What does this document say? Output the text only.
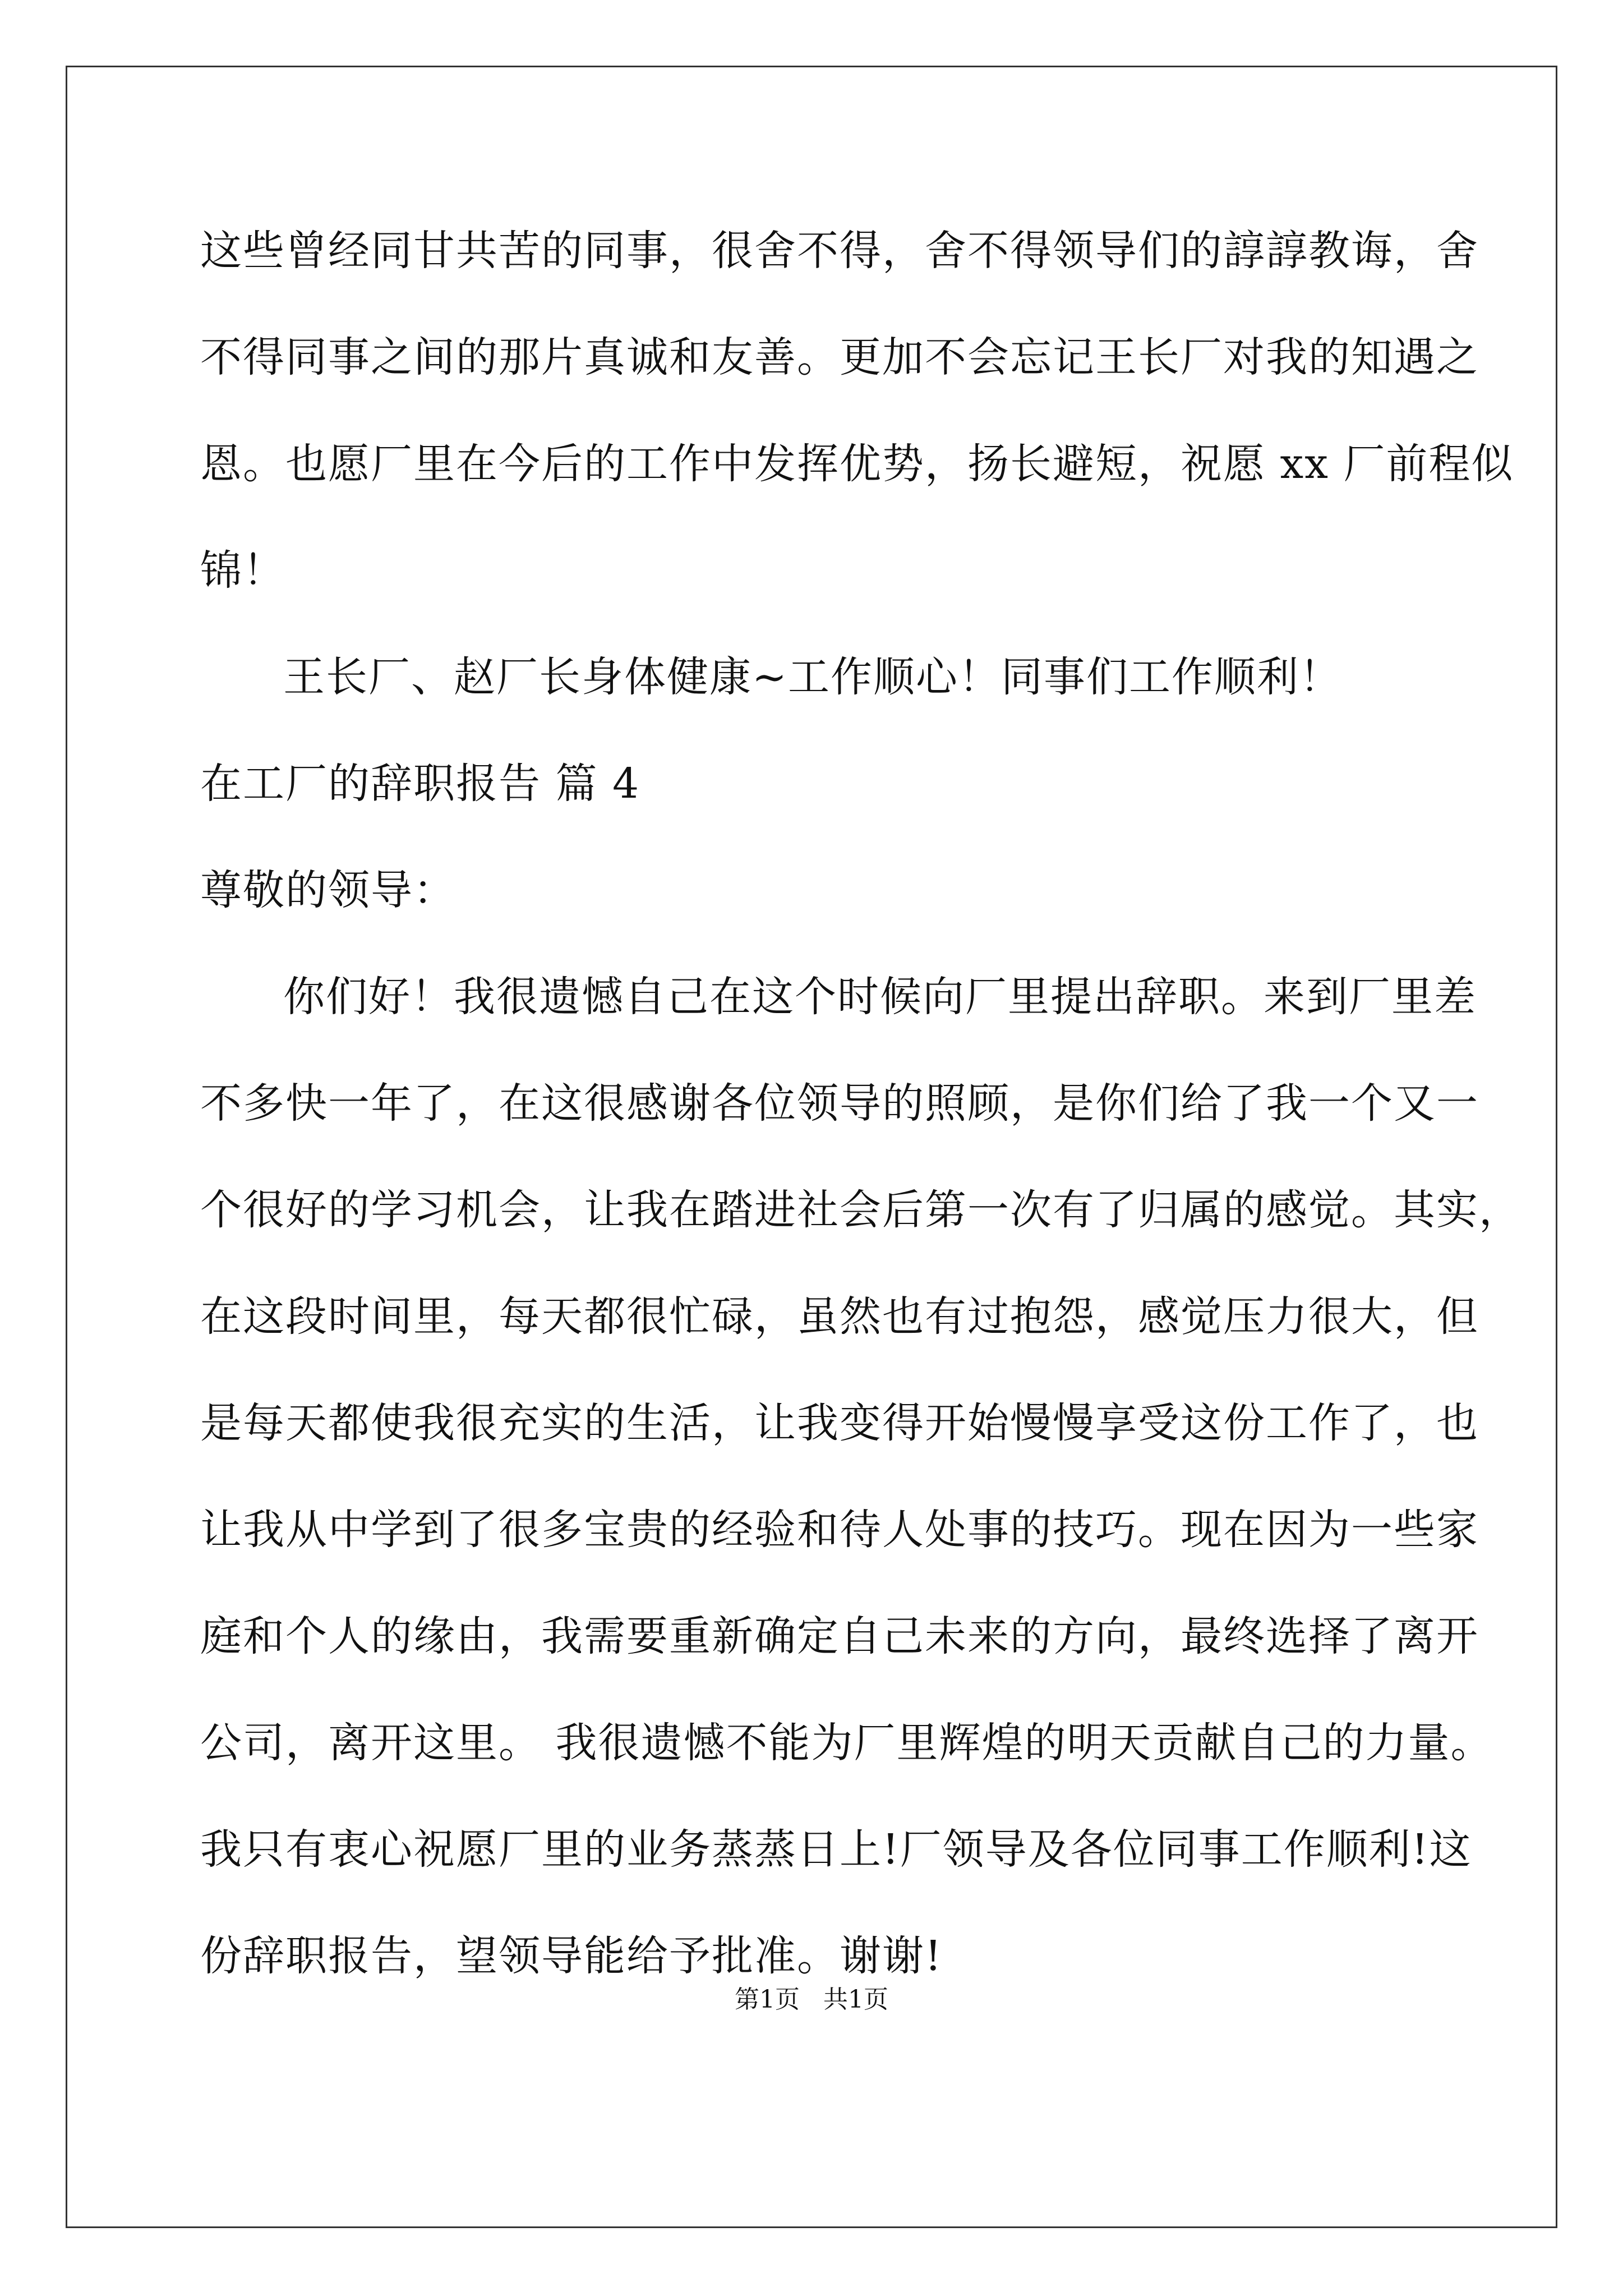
这些曾经同甘共苦的同事，很舍不得，舍不得领导们的諄諄教诲，舍
不得同事之间的那片真诚和友善。更加不会忘记王长厂对我的知遇之
恩。也愿厂里在今后的工作中发挥优势，扬长避短，祝愿 xx 厂前程似
锦！
王长厂、赵厂长身体健康~工作顺心！同事们工作顺利！
在工厂的辞职报告 篇 4
尊敬的领导：
你们好！我很遗憾自己在这个时候向厂里提出辞职。来到厂里差
不多快一年了，在这很感谢各位领导的照顾，是你们给了我一个又一
个很好的学习机会，让我在踏进社会后第一次有了归属的感觉。其实，
在这段时间里，每天都很忙碌，虽然也有过抱怨，感觉压力很大，但
是每天都使我很充实的生活，让我变得开始慢慢享受这份工作了，也
让我从中学到了很多宝贵的经验和待人处事的技巧。现在因为一些家
庭和个人的缘由，我需要重新确定自己未来的方向，最终选择了离开
公司，离开这里。 我很遗憾不能为厂里辉煌的明天贡献自己的力量。
我只有衷心祝愿厂里的业务蒸蒸日上!厂领导及各位同事工作顺利!这
份辞职报告，望领导能给予批准。谢谢!
第1页   共1页
